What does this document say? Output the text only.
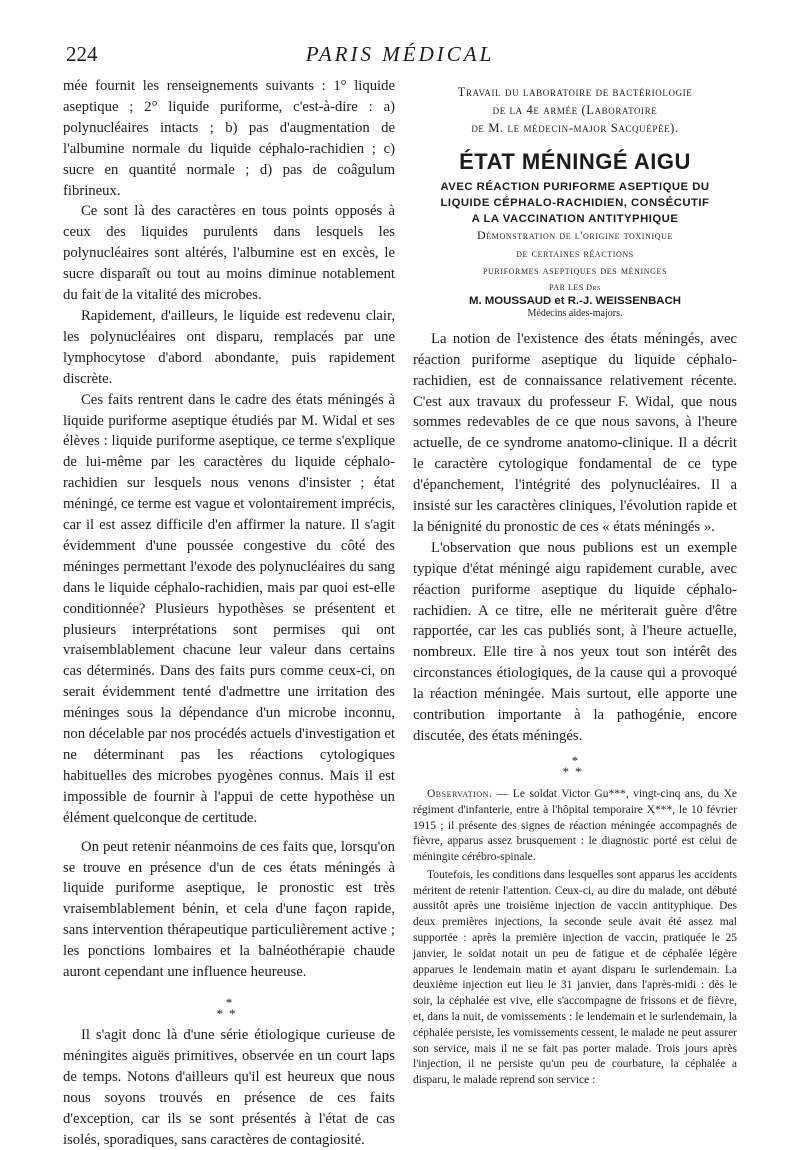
224	PARIS MÉDICAL

mée fournit les renseignements suivants : 1° liquide aseptique ; 2° liquide puriforme, c'est-à-dire : a) polynucléaires intacts ; b) pas d'augmentation de l'albumine normale du liquide céphalo-rachidien ; c) sucre en quantité normale ; d) pas de coâgulum fibrineux.

Ce sont là des caractères en tous points opposés à ceux des liquides purulents dans lesquels les polynucléaires sont altérés, l'albumine est en excès, le sucre disparaît ou tout au moins diminue notablement du fait de la vitalité des microbes.

Rapidement, d'ailleurs, le liquide est redevenu clair, les polynucléaires ont disparu, remplacés par une lymphocytose d'abord abondante, puis rapidement discrète.

Ces faits rentrent dans le cadre des états méningés à liquide puriforme aseptique étudiés par M. Widal et ses élèves : liquide puriforme aseptique, ce terme s'explique de lui-même par les caractères du liquide céphalo-rachidien sur lesquels nous venons d'insister ; état méningé, ce terme est vague et volontairement imprécis, car il est assez difficile d'en affirmer la nature. Il s'agit évidemment d'une poussée congestive du côté des méninges permettant l'exode des polynucléaires du sang dans le liquide céphalo-rachidien, mais par quoi est-elle conditionnée? Plusieurs hypothèses se présentent et plusieurs interprétations sont permises qui ont vraisemblablement chacune leur valeur dans certains cas déterminés. Dans des faits purs comme ceux-ci, on serait évidemment tenté d'admettre une irritation des méninges sous la dépendance d'un microbe inconnu, non décelable par nos procédés actuels d'investigation et ne déterminant pas les réactions cytologiques habituelles des microbes pyogènes connus. Mais il est impossible de fournir à l'appui de cette hypothèse un élément quelconque de certitude.

On peut retenir néanmoins de ces faits que, lorsqu'on se trouve en présence d'un de ces états méningés à liquide puriforme aseptique, le pronostic est très vraisemblablement bénin, et cela d'une façon rapide, sans intervention thérapeutique particulièrement active ; les ponctions lombaires et la balnéothérapie chaude auront cependant une influence heureuse.

*
**

Il s'agit donc là d'une série étiologique curieuse de méningites aiguës primitives, observée en un court laps de temps. Notons d'ailleurs qu'il est heureux que nous nous soyons trouvés en présence de ces faits d'exception, car ils se sont présentés à l'état de cas isolés, sporadiques, sans caractères de contagiosité.

Travail du laboratoire de bactériologie

de la 4e armée (Laboratoire

de M. le médecin-major Sacquépée).

ÉTAT MÉNINGÉ AIGU

AVEC RÉACTION PURIFORME ASEPTIQUE DU

LIQUIDE CÉPHALO-RACHIDIEN, CONSÉCUTIF

A LA VACCINATION ANTITYPHIQUE

Démonstration de l'origine toxinique

de certaines réactions

puriformes aseptiques des méninges

PAR LES Drs
M. MOUSSAUD et R.-J. WEISSENBACH
Médecins aides-majors.

La notion de l'existence des états méningés, avec réaction puriforme aseptique du liquide céphalo-rachidien, est de connaissance relativement récente. C'est aux travaux du professeur F. Widal, que nous sommes redevables de ce que nous savons, à l'heure actuelle, de ce syndrome anatomo-clinique. Il a décrit le caractère cytologique fondamental de ce type d'épanchement, l'intégrité des polynucléaires. Il a insisté sur les caractères cliniques, l'évolution rapide et la bénignité du pronostic de ces « états méningés ».

L'observation que nous publions est un exemple typique d'état méningé aigu rapidement curable, avec réaction puriforme aseptique du liquide céphalo-rachidien. A ce titre, elle ne mériterait guère d'être rapportée, car les cas publiés sont, à l'heure actuelle, nombreux. Elle tire à nos yeux tout son intérêt des circonstances étiologiques, de la cause qui a provoqué la réaction méningée. Mais surtout, elle apporte une contribution importante à la pathogénie, encore discutée, des états méningés.

*
**

Observation. — Le soldat Victor Gu***, vingt-cinq ans, du Xe régiment d'infanterie, entre à l'hôpital temporaire X***, le 10 février 1915 ; il présente des signes de réaction méningée accompagnés de fièvre, apparus assez brusquement : le diagnostic porté est celui de méningite cérébro-spinale.

Toutefois, les conditions dans lesquelles sont apparus les accidents méritent de retenir l'attention. Ceux-ci, au dire du malade, ont débuté aussitôt après une troisième injection de vaccin antityphique. Des deux premières injections, la seconde seule avait été assez mal supportée : après la première injection de vaccin, pratiquée le 25 janvier, le soldat notait un peu de fatigue et de céphalée légère apparues le lendemain matin et ayant disparu le surlendemain. La deuxième injection eut lieu le 31 janvier, dans l'après-midi : dès le soir, la céphalée est vive, elle s'accompagne de frissons et de fièvre, et, dans la nuit, de vomissements : le lendemain et le surlendemain, la céphalée persiste, les vomissements cessent, le malade ne peut assurer son service, mais il ne se fait pas porter malade. Trois jours après l'injection, il ne persiste qu'un peu de courbature, la céphalée a disparu, le malade reprend son service :
